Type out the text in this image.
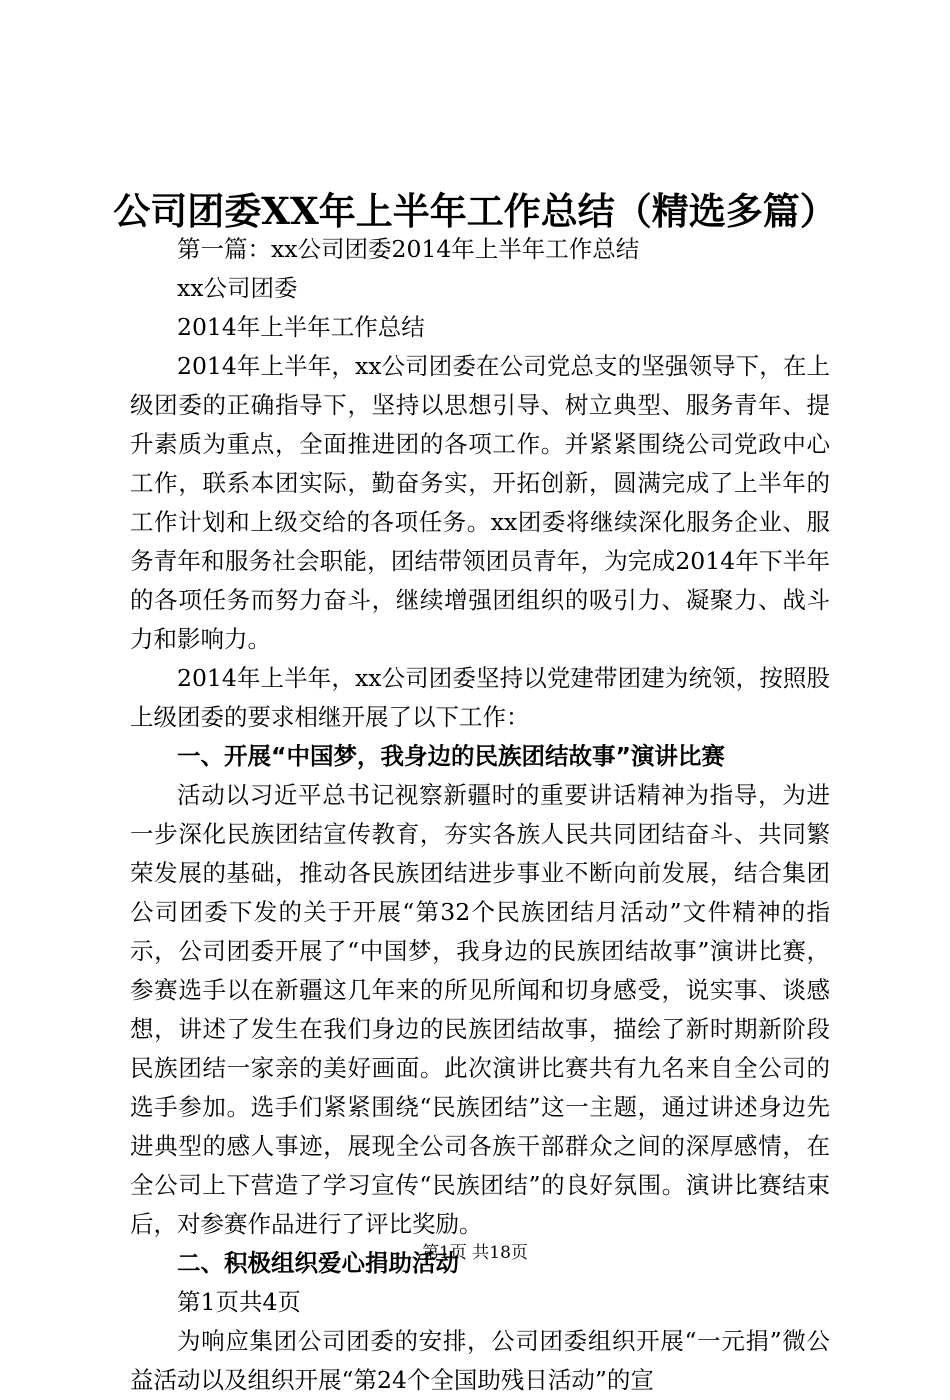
公司团委XX年上半年工作总结（精选多篇）

第一篇：xx公司团委2014年上半年工作总结

xx公司团委

2014年上半年工作总结

2014年上半年，xx公司团委在公司党总支的坚强领导下，在上级团委的正确指导下，坚持以思想引导、树立典型、服务青年、提升素质为重点，全面推进团的各项工作。并紧紧围绕公司党政中心工作，联系本团实际，勤奋务实，开拓创新，圆满完成了上半年的工作计划和上级交给的各项任务。xx团委将继续深化服务企业、服务青年和服务社会职能，团结带领团员青年，为完成2014年下半年的各项任务而努力奋斗，继续增强团组织的吸引力、凝聚力、战斗力和影响力。

2014年上半年，xx公司团委坚持以党建带团建为统领，按照股上级团委的要求相继开展了以下工作：

一、开展“中国梦，我身边的民族团结故事”演讲比赛

活动以习近平总书记视察新疆时的重要讲话精神为指导，为进一步深化民族团结宣传教育，夯实各族人民共同团结奋斗、共同繁荣发展的基础，推动各民族团结进步事业不断向前发展，结合集团公司团委下发的关于开展“第32个民族团结月活动”文件精神的指示，公司团委开展了“中国梦，我身边的民族团结故事”演讲比赛，参赛选手以在新疆这几年来的所见所闻和切身感受，说实事、谈感想，讲述了发生在我们身边的民族团结故事，描绘了新时期新阶段民族团结一家亲的美好画面。此次演讲比赛共有九名来自全公司的选手参加。选手们紧紧围绕“民族团结”这一主题，通过讲述身边先进典型的感人事迹，展现全公司各族干部群众之间的深厚感情，在全公司上下营造了学习宣传“民族团结”的良好氛围。演讲比赛结束后，对参赛作品进行了评比奖励。

二、积极组织爱心捐助活动

第1页共4页

为响应集团公司团委的安排，公司团委组织开展“一元捐”微公益活动以及组织开展“第24个全国助残日活动”的宣

第1页 共18页
